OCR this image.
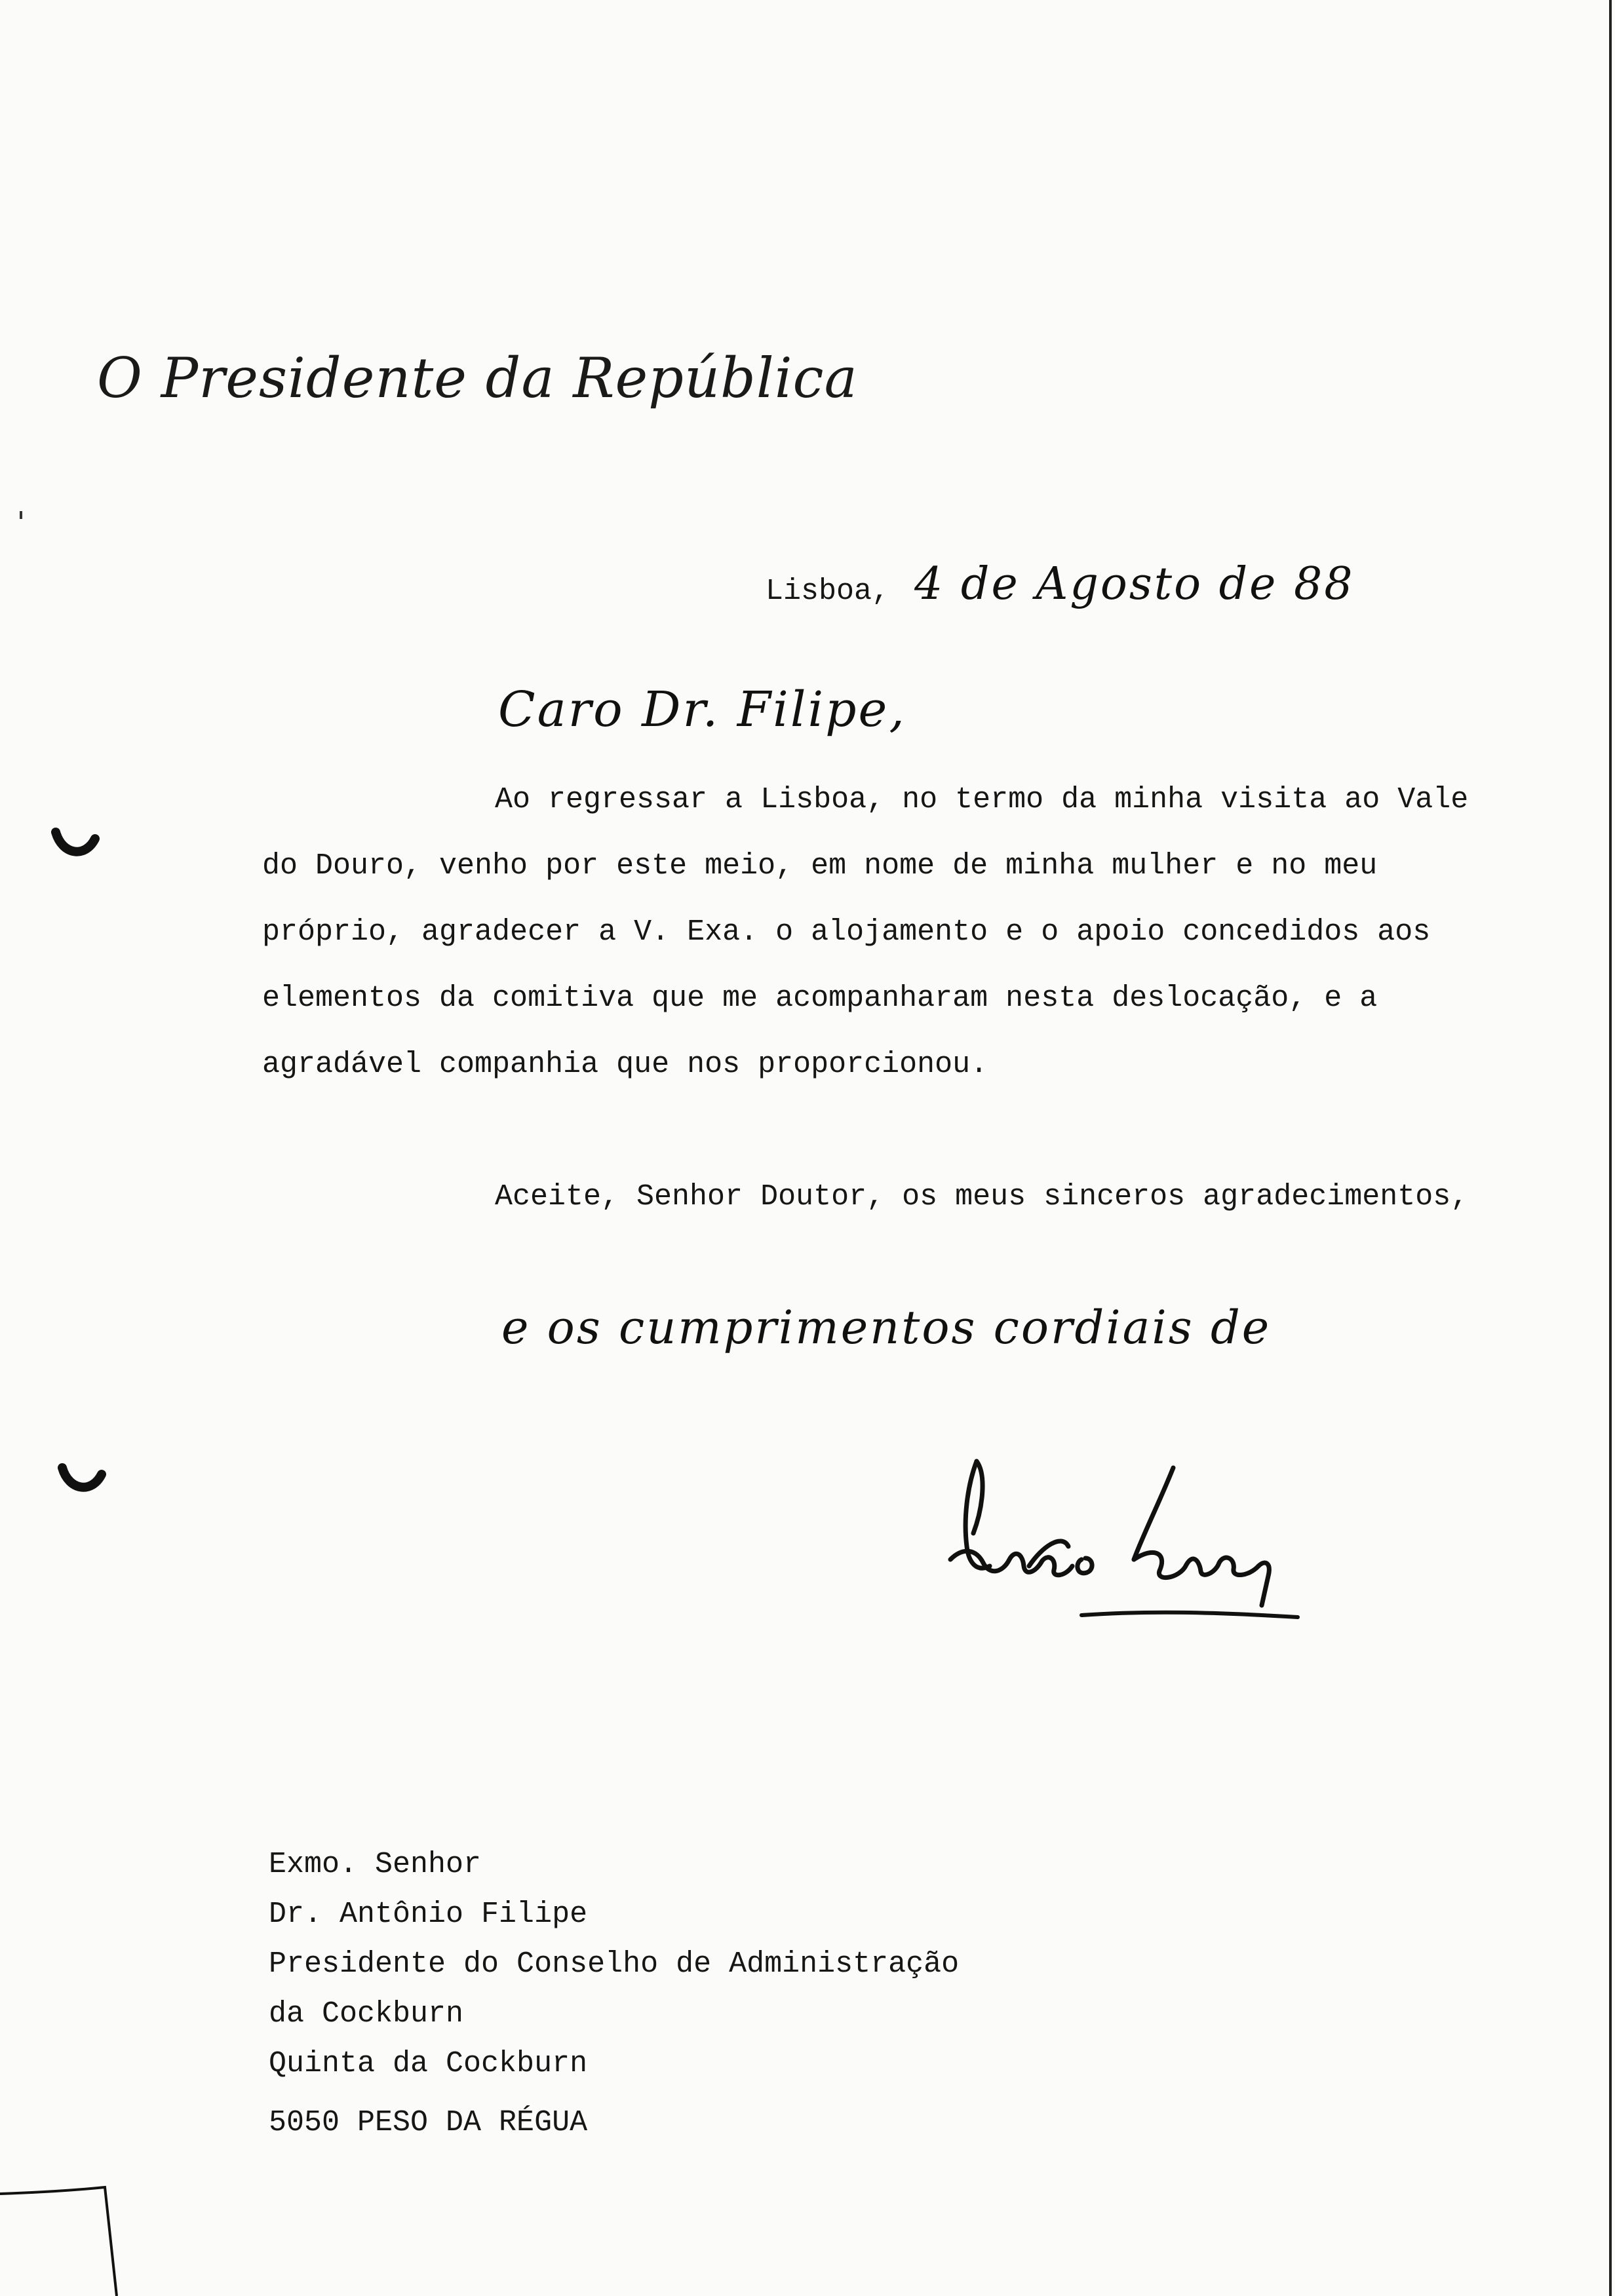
O Presidente da República
Lisboa, 4 de Agosto de 88
Caro Dr. Filipe,
Ao regressar a Lisboa, no termo da minha visita ao Vale do Douro, venho por este meio, em nome de minha mulher e no meu próprio, agradecer a V. Exa. o alojamento e o apoio concedidos aos elementos da comitiva que me acompanharam nesta deslocação, e a agradável companhia que nos proporcionou.
Aceite, Senhor Doutor, os meus sinceros agradecimentos,
e os cumprimentos cordiais de
Exmo. Senhor
Dr. Antônio Filipe
Presidente do Conselho de Administração
da Cockburn
Quinta da Cockburn
5050 PESO DA RÉGUA
